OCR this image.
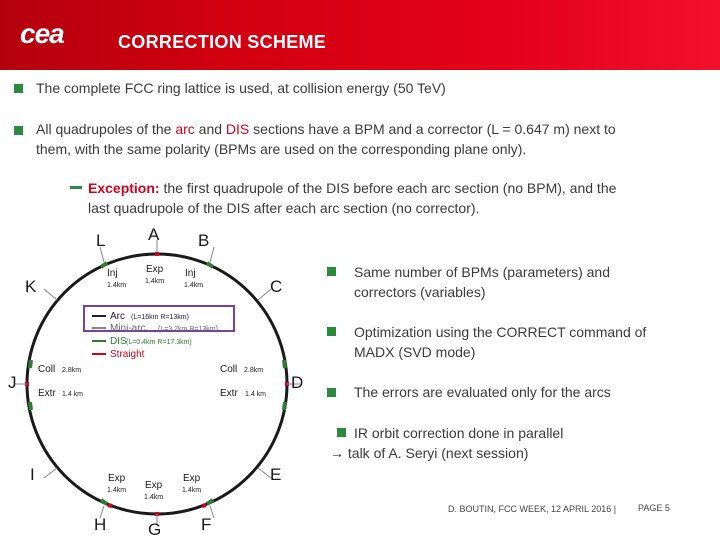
cea	CORRECTION SCHEME
The complete FCC ring lattice is used, at collision energy (50 TeV)
All quadrupoles of the arc and DIS sections have a BPM and a corrector (L = 0.647 m) next to
them, with the same polarity (BPMs are used on the corresponding plane only).
Exception: the first quadrupole of the DIS before each arc section (no BPM), and the
last quadrupole of the DIS after each arc section (no corrector).
A B
C
D
E
F
G
H
I
J
K
L
Inj
1.4km
Exp
1.4km
Inj
1.4km
Coll 2.8km
Extr 1.4 km
Coll 2.8km
Extr 1.4 km
Exp
1.4km Exp
1.4km
Exp
1.4km
Arc (L=16km R=13km)
Mini-arc (L=3.2km R=13km)
DIS (L=0.4km R=17.3km)
Straight
Same number of BPMs (parameters) and
correctors (variables)
Optimization using the CORRECT command of
MADX (SVD mode)
The errors are evaluated only for the arcs
IR orbit correction done in parallel
→ talk of A. Seryi (next session)
D. BOUTIN, FCC WEEK, 12 APRIL 2016 | PAGE 5
